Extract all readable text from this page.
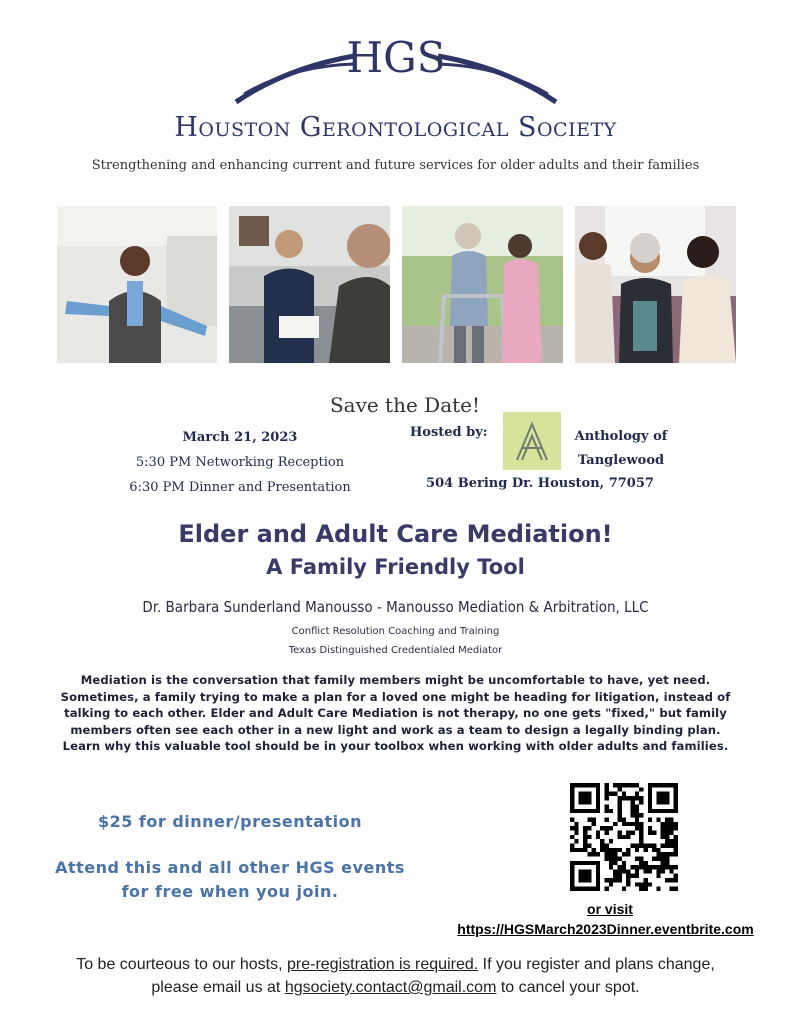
HGS
Houston Gerontological Society
Strengthening and enhancing current and future services for older adults and their families
Save the Date!
March 21, 2023
5:30 PM Networking Reception
6:30 PM Dinner and Presentation
Hosted by:	Anthology of
Tanglewood
504 Bering Dr. Houston, 77057
Elder and Adult Care Mediation!
A Family Friendly Tool
Dr. Barbara Sunderland Manousso - Manousso Mediation & Arbitration, LLC
Conflict Resolution Coaching and Training
Texas Distinguished Credentialed Mediator
Mediation is the conversation that family members might be uncomfortable to have, yet need.
Sometimes, a family trying to make a plan for a loved one might be heading for litigation, instead of
talking to each other. Elder and Adult Care Mediation is not therapy, no one gets "fixed," but family
members often see each other in a new light and work as a team to design a legally binding plan.
Learn why this valuable tool should be in your toolbox when working with older adults and families.
$25 for dinner/presentation
Attend this and all other HGS events
for free when you join.
or visit
https://HGSMarch2023Dinner.eventbrite.com
To be courteous to our hosts, pre-registration is required. If you register and plans change,
please email us at hgsociety.contact@gmail.com to cancel your spot.
